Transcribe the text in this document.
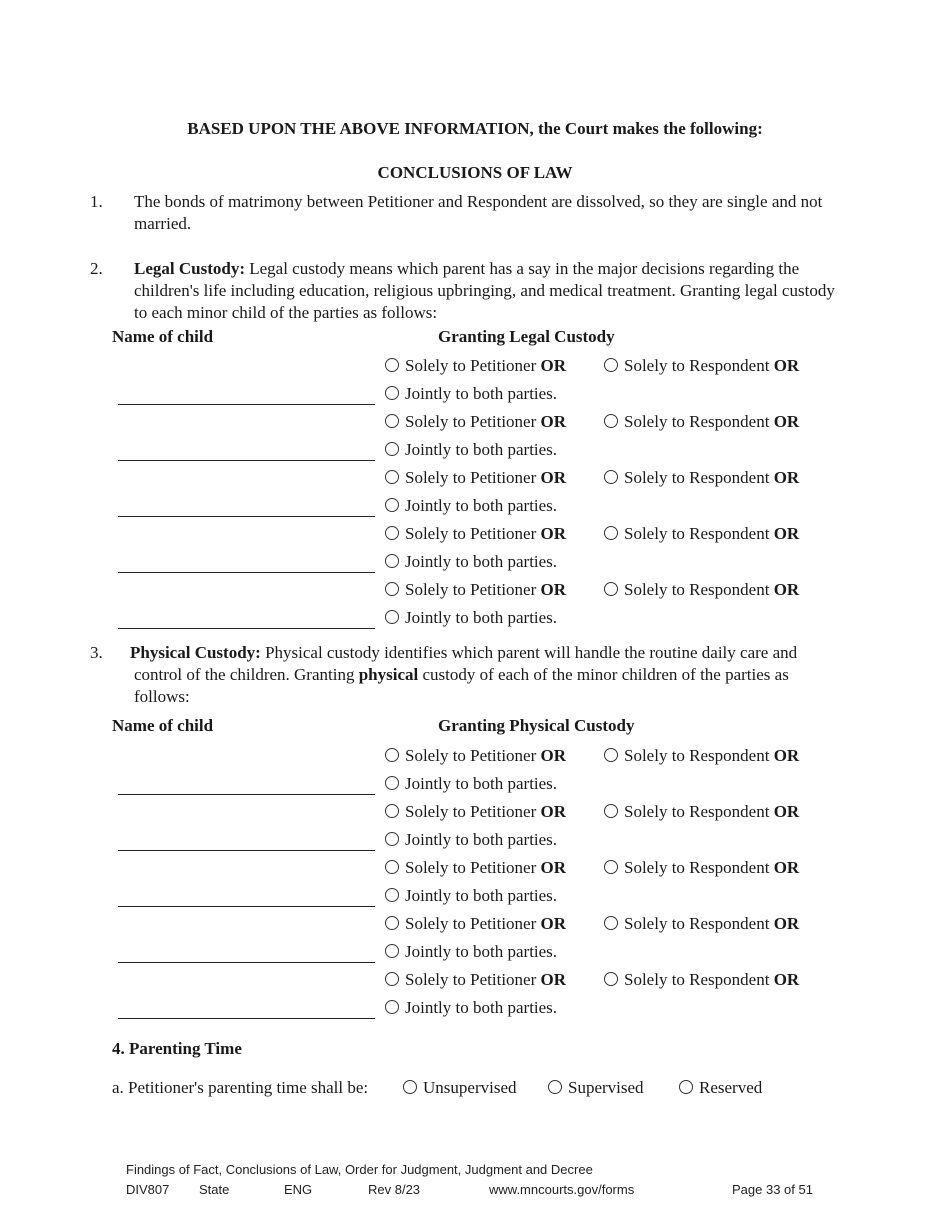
BASED UPON THE ABOVE INFORMATION, the Court makes the following:
CONCLUSIONS OF LAW
1. The bonds of matrimony between Petitioner and Respondent are dissolved, so they are single and not married.
2. Legal Custody: Legal custody means which parent has a say in the major decisions regarding the children's life including education, religious upbringing, and medical treatment. Granting legal custody to each minor child of the parties as follows:
Name of child	Granting Legal Custody
Solely to Petitioner OR	Solely to Respondent OR
Jointly to both parties.
Solely to Petitioner OR	Solely to Respondent OR
Jointly to both parties.
Solely to Petitioner OR	Solely to Respondent OR
Jointly to both parties.
Solely to Petitioner OR	Solely to Respondent OR
Jointly to both parties.
Solely to Petitioner OR	Solely to Respondent OR
Jointly to both parties.
3. Physical Custody: Physical custody identifies which parent will handle the routine daily care and control of the children. Granting physical custody of each of the minor children of the parties as follows:
Name of child	Granting Physical Custody
Solely to Petitioner OR	Solely to Respondent OR
Jointly to both parties.
Solely to Petitioner OR	Solely to Respondent OR
Jointly to both parties.
Solely to Petitioner OR	Solely to Respondent OR
Jointly to both parties.
Solely to Petitioner OR	Solely to Respondent OR
Jointly to both parties.
Solely to Petitioner OR	Solely to Respondent OR
Jointly to both parties.
4. Parenting Time
a. Petitioner's parenting time shall be:	Unsupervised	Supervised	Reserved
Findings of Fact, Conclusions of Law, Order for Judgment, Judgment and Decree
DIV807 State	ENG	Rev 8/23	www.mncourts.gov/forms	Page 33 of 51
